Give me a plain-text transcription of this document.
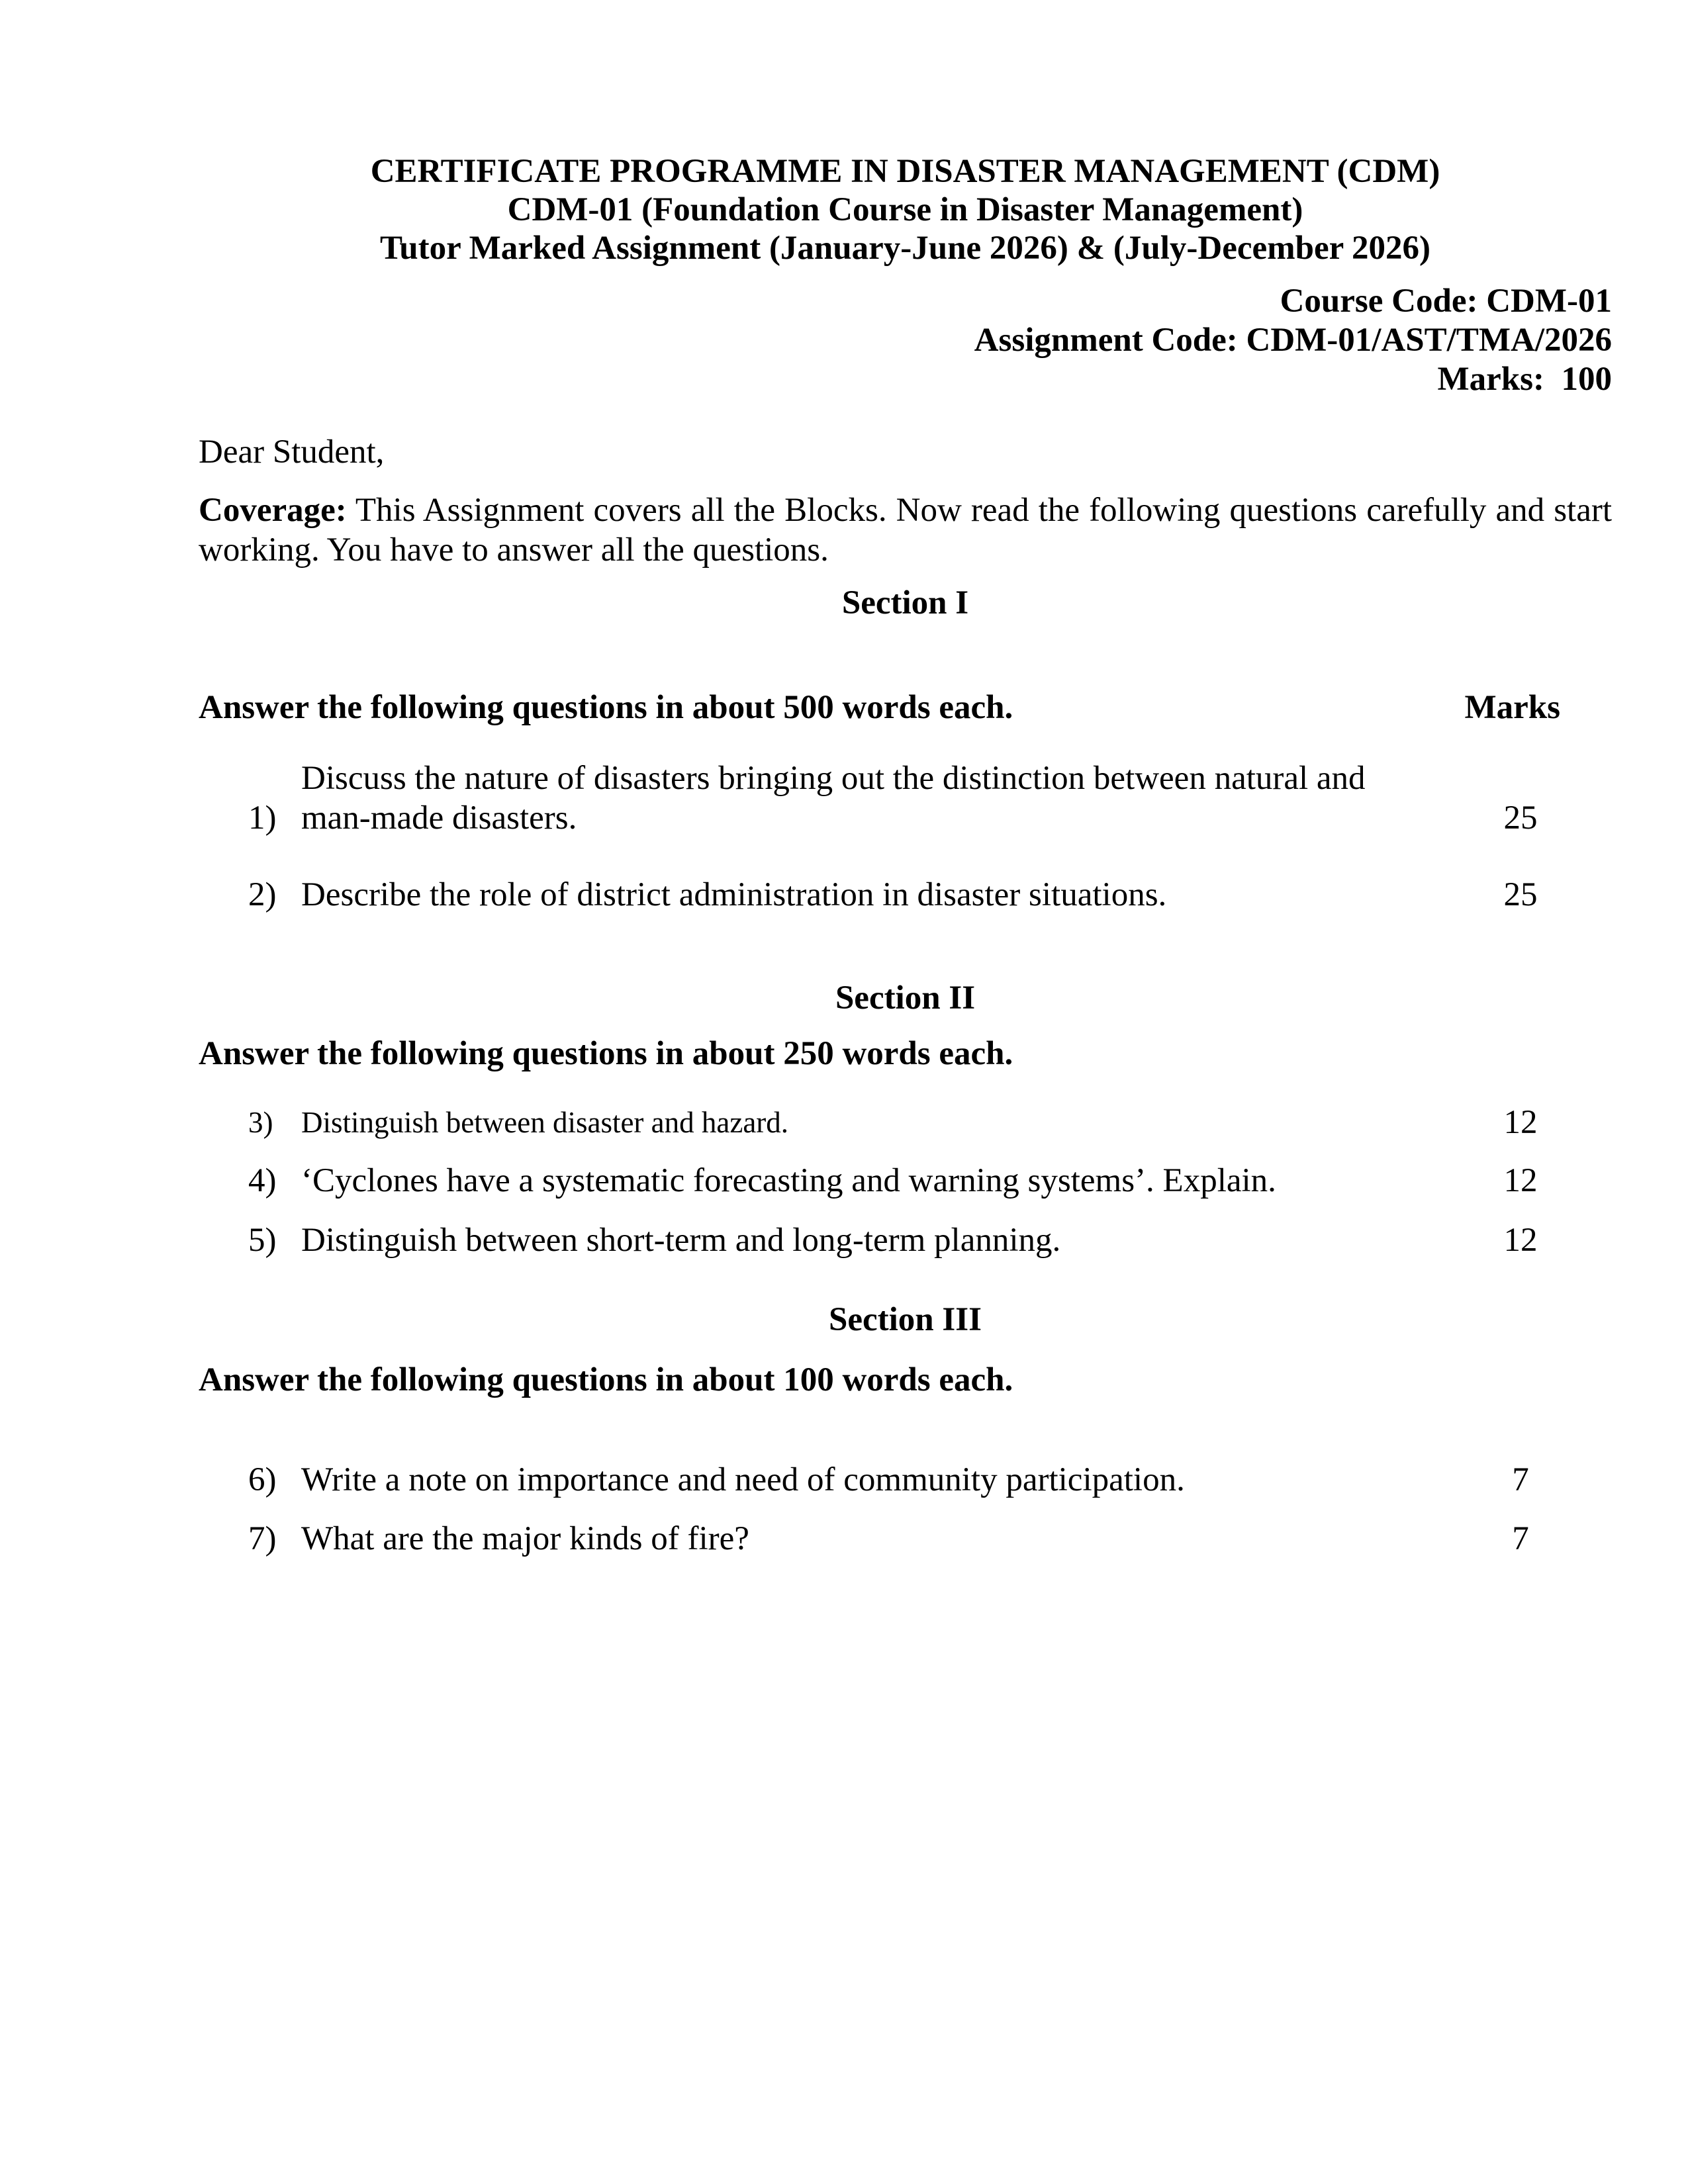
CERTIFICATE PROGRAMME IN DISASTER MANAGEMENT (CDM)
CDM-01 (Foundation Course in Disaster Management)
Tutor Marked Assignment (January-June 2026) & (July-December 2026)
Course Code: CDM-01
Assignment Code: CDM-01/AST/TMA/2026
Marks:  100
Dear Student,

Coverage: This Assignment covers all the Blocks. Now read the following questions carefully and start
working. You have to answer all the questions.

Section I
Answer the following questions in about 500 words each.	Marks
1)
Discuss the nature of disasters bringing out the distinction between natural and
man-made disasters.	25
2) Describe the role of district administration in disaster situations.	25
Section II
Answer the following questions in about 250 words each.
3) Distinguish between disaster and hazard.	12
4) ‘Cyclones have a systematic forecasting and warning systems’. Explain.	12
5) Distinguish between short-term and long-term planning.	12
Section III
Answer the following questions in about 100 words each.
6) Write a note on importance and need of community participation.	7
7) What are the major kinds of fire?	7
